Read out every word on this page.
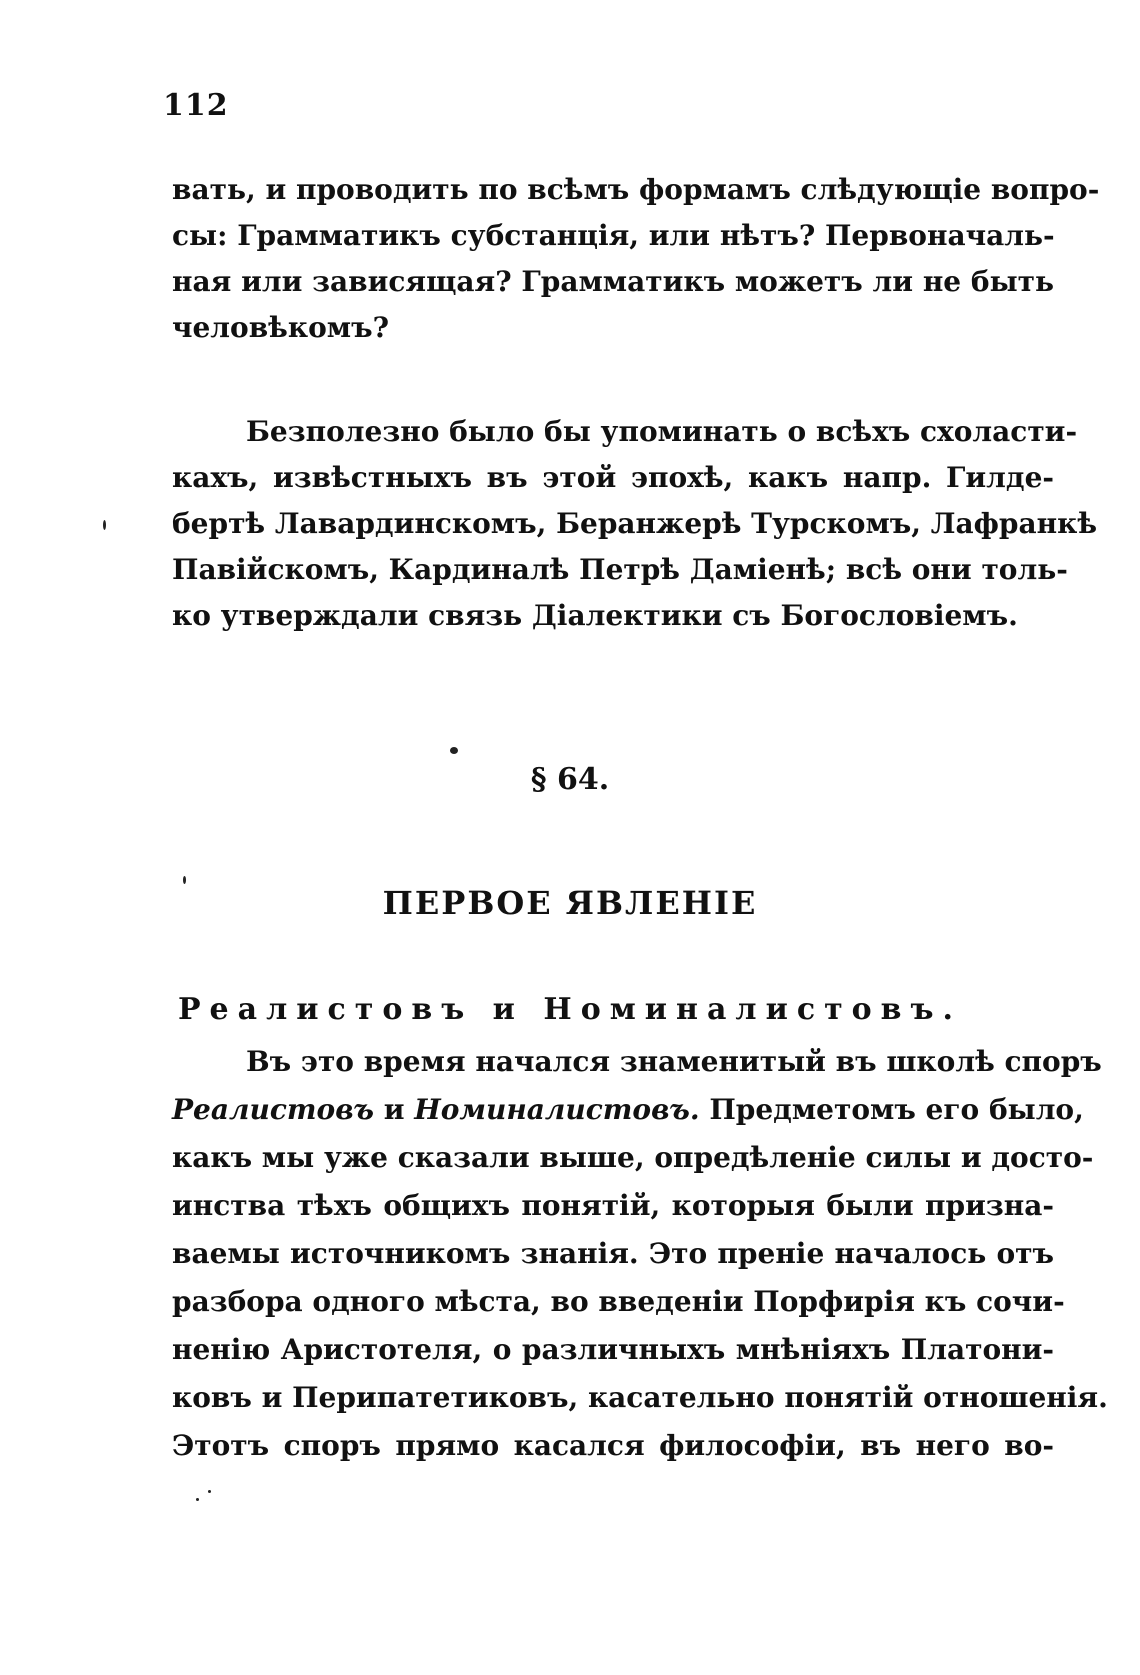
112
вать, и проводить по всѣмъ формамъ слѣдующіе вопро-
сы: Грамматикъ субстанція, или нѣтъ? Первоначаль-
ная или зависящая? Грамматикъ можетъ ли не быть
человѣкомъ?
Безполезно было бы упоминать о всѣхъ схоласти-
кахъ, извѣстныхъ въ этой эпохѣ, какъ напр. Гилде-
бертѣ Лавардинскомъ, Беранжерѣ Турскомъ, Лафранкѣ
Павійскомъ, Кардиналѣ Петрѣ Даміенѣ; всѣ они толь-
ко утверждали связь Діалектики съ Богословіемъ.
§ 64.
ПЕРВОЕ ЯВЛЕНІЕ
Реалистовъ и Номиналистовъ.
Въ это время начался знаменитый въ школѣ споръ
Реалистовъ и Номиналистовъ. Предметомъ его было,
какъ мы уже сказали выше, опредѣленіе силы и досто-
инства тѣхъ общихъ понятій, которыя были призна-
ваемы источникомъ знанія. Это преніе началось отъ
разбора одного мѣста, во введеніи Порфирія къ сочи-
ненію Аристотеля, о различныхъ мнѣніяхъ Платони-
ковъ и Перипатетиковъ, касательно понятій отношенія.
Этотъ споръ прямо касался философіи, въ него во-
